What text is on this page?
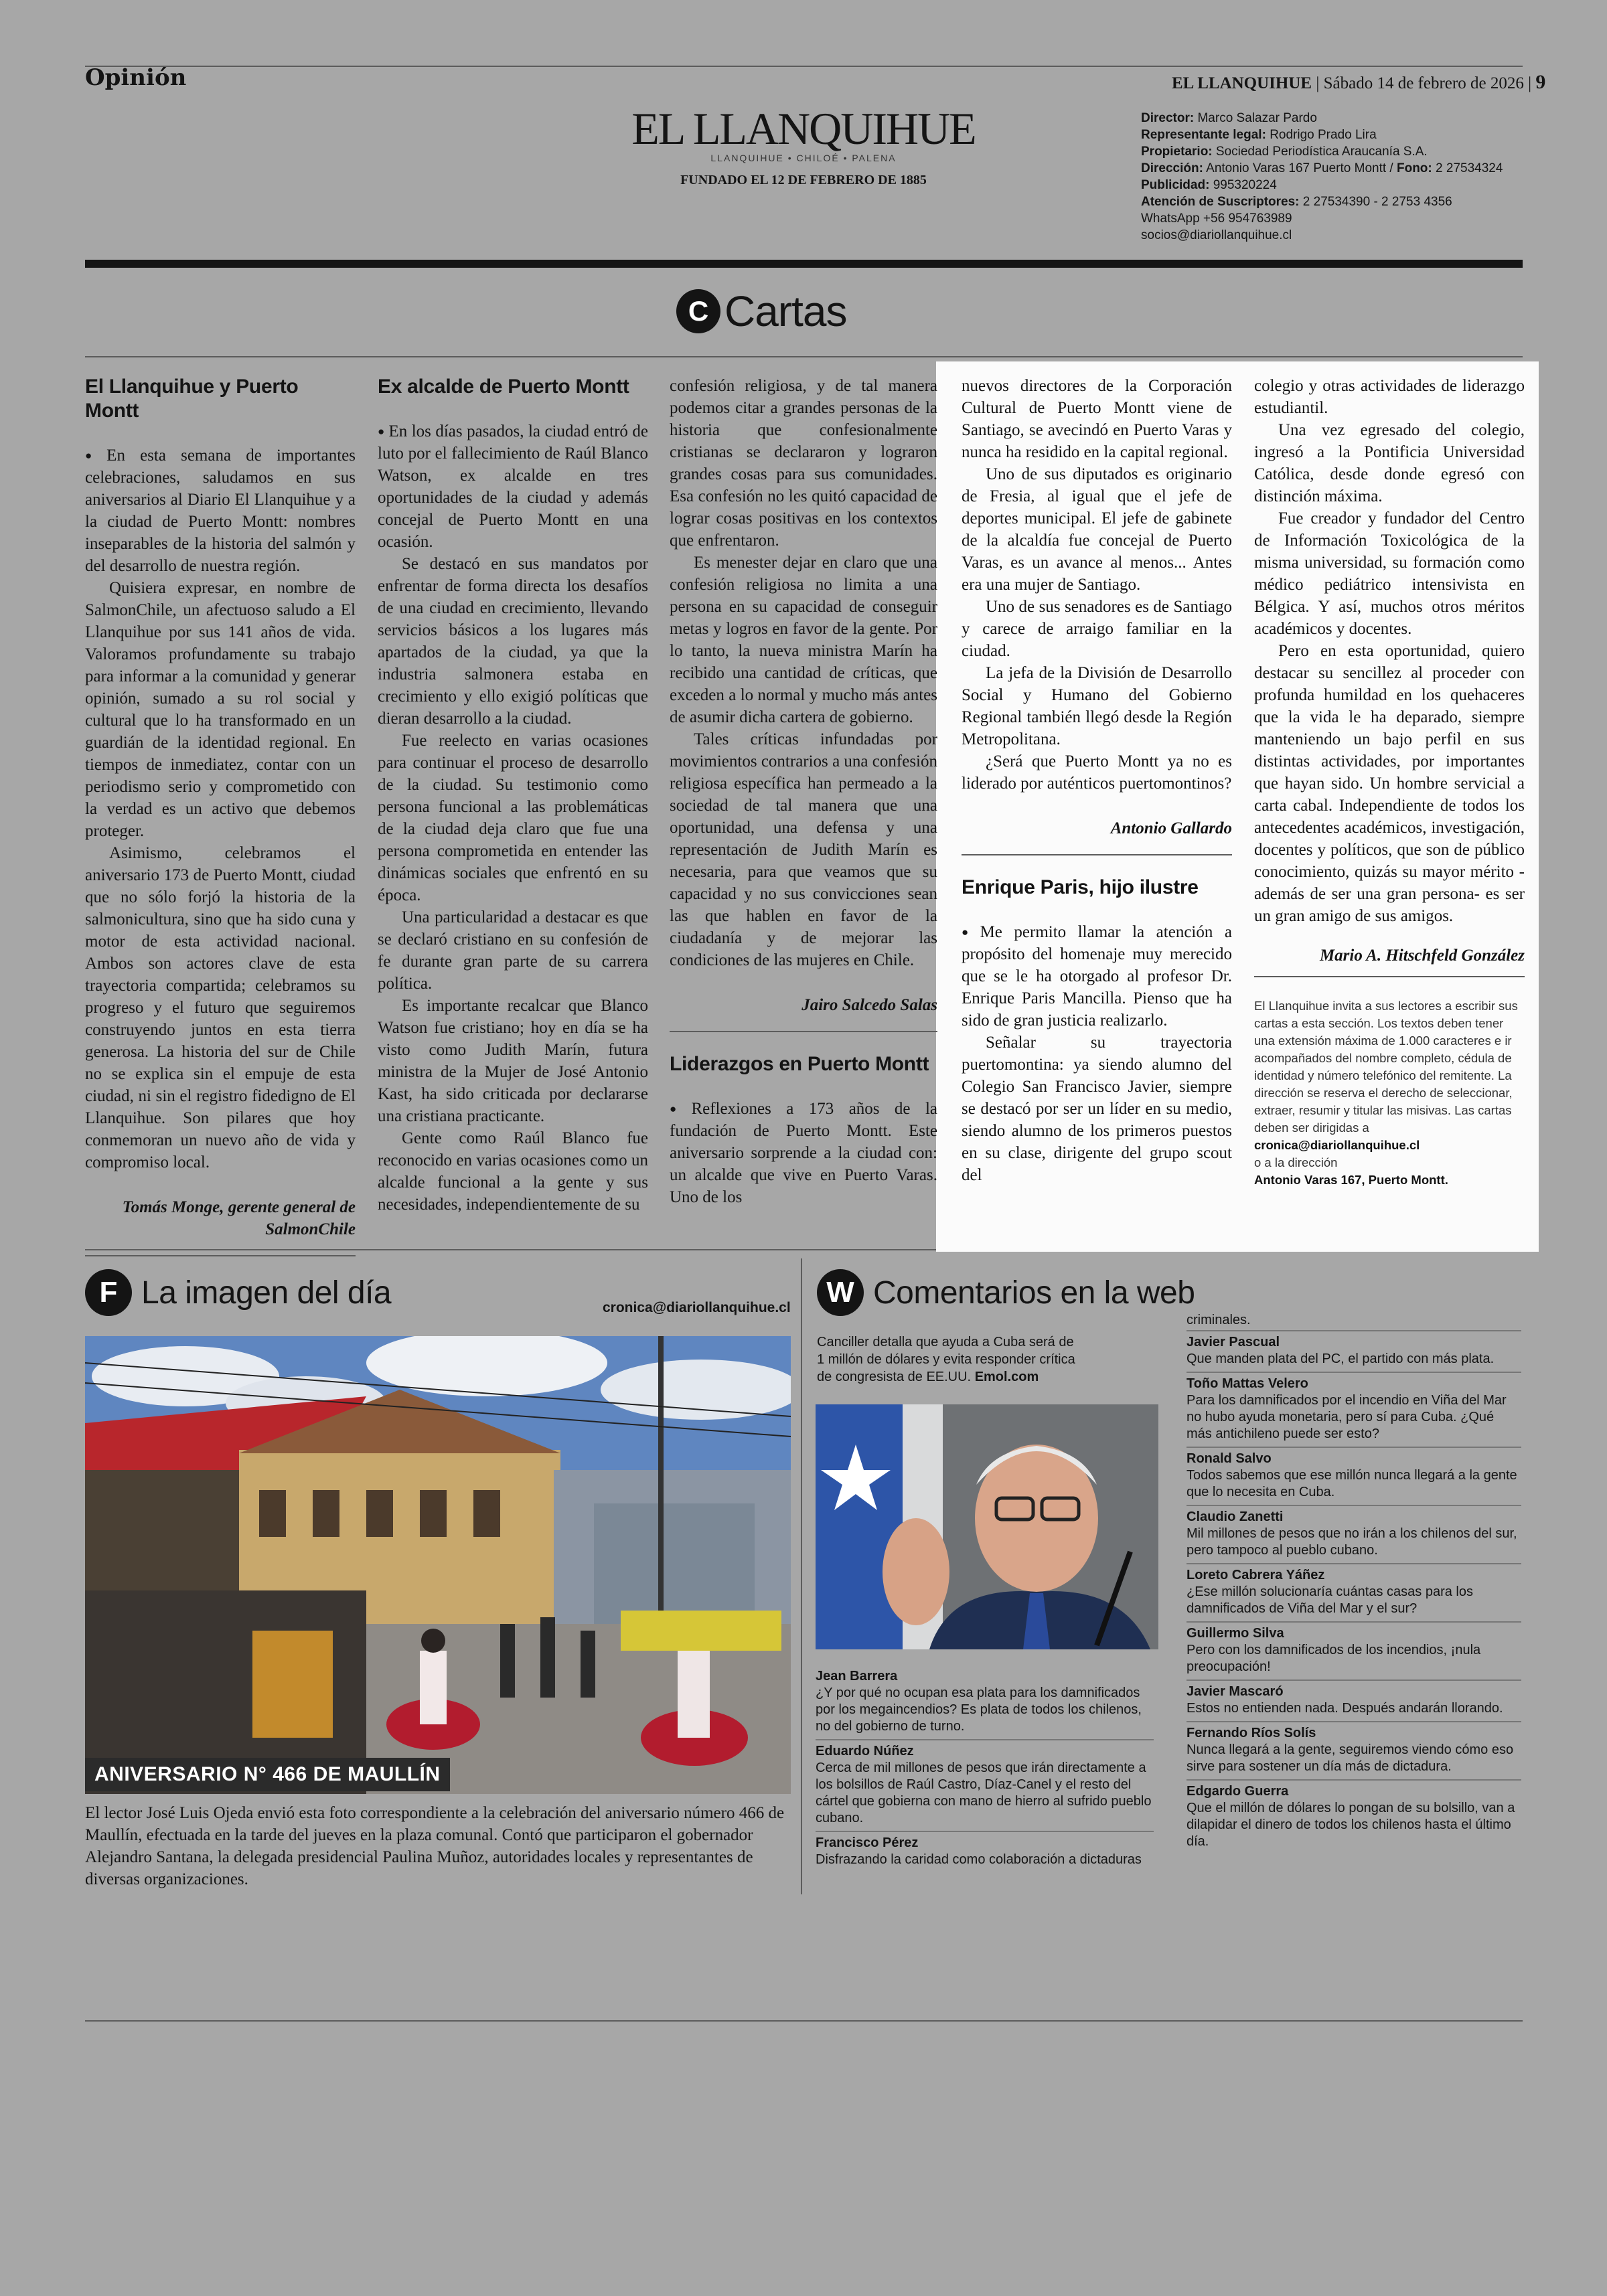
Opinión	EL LLANQUIHUE | Sábado 14 de febrero de 2026 | 9
EL LLANQUIHUE
LLANQUIHUE • CHILOÉ • PALENA
FUNDADO EL 12 DE FEBRERO DE 1885
Director: Marco Salazar Pardo
Representante legal: Rodrigo Prado Lira
Propietario: Sociedad Periodística Araucanía S.A.
Dirección: Antonio Varas 167 Puerto Montt / Fono: 2 27534324
Publicidad: 995320224
Atención de Suscriptores: 2 27534390 - 2 2753 4356
WhatsApp +56 954763989
socios@diariollanquihue.cl
C Cartas
El Llanquihue y Puerto Montt

● En esta semana de importantes celebraciones, saludamos en sus aniversarios al Diario El Llanquihue y a la ciudad de Puerto Montt: nombres inseparables de la historia del salmón y del desarrollo de nuestra región.

Quisiera expresar, en nombre de SalmonChile, un afectuoso saludo a El Llanquihue por sus 141 años de vida. Valoramos profundamente su trabajo para informar a la comunidad y generar opinión, sumado a su rol social y cultural que lo ha transformado en un guardián de la identidad regional. En tiempos de inmediatez, contar con un periodismo serio y comprometido con la verdad es un activo que debemos proteger.

Asimismo, celebramos el aniversario 173 de Puerto Montt, ciudad que no sólo forjó la historia de la salmonicultura, sino que ha sido cuna y motor de esta actividad nacional. Ambos son actores clave de esta trayectoria compartida; celebramos su progreso y el futuro que seguiremos construyendo juntos en esta tierra generosa. La historia del sur de Chile no se explica sin el empuje de esta ciudad, ni sin el registro fidedigno de El Llanquihue. Son pilares que hoy conmemoran un nuevo año de vida y compromiso local.

Tomás Monge, gerente general de SalmonChile

Ex alcalde de Puerto Montt

● En los días pasados, la ciudad entró de luto por el fallecimiento de Raúl Blanco Watson, ex alcalde en tres oportunidades de la ciudad y además concejal de Puerto Montt en una ocasión.

Se destacó en sus mandatos por enfrentar de forma directa los desafíos de una ciudad en crecimiento, llevando servicios básicos a los lugares más apartados de la ciudad, ya que la industria salmonera estaba en crecimiento y ello exigió políticas que dieran desarrollo a la ciudad.

Fue reelecto en varias ocasiones para continuar el proceso de desarrollo de la ciudad. Su testimonio como persona funcional a las problemáticas de la ciudad deja claro que fue una persona comprometida en entender las dinámicas sociales que enfrentó en su época.

Una particularidad a destacar es que se declaró cristiano en su confesión de fe durante gran parte de su carrera política.

Es importante recalcar que Blanco Watson fue cristiano; hoy en día se ha visto como Judith Marín, futura ministra de la Mujer de José Antonio Kast, ha sido criticada por declararse una cristiana practicante.

Gente como Raúl Blanco fue reconocido en varias ocasiones como un alcalde funcional a la gente y sus necesidades, independientemente de su

confesión religiosa, y de tal manera podemos citar a grandes personas de la historia que confesionalmente cristianas se declararon y lograron grandes cosas para sus comunidades. Esa confesión no les quitó capacidad de lograr cosas positivas en los contextos que enfrentaron.

Es menester dejar en claro que una confesión religiosa no limita a una persona en su capacidad de conseguir metas y logros en favor de la gente. Por lo tanto, la nueva ministra Marín ha recibido una cantidad de críticas, que exceden a lo normal y mucho más antes de asumir dicha cartera de gobierno.

Tales críticas infundadas por movimientos contrarios a una confesión religiosa específica han permeado a la sociedad de tal manera que una oportunidad, una defensa y una representación de Judith Marín es necesaria, para que veamos que su capacidad y no sus convicciones sean las que hablen en favor de la ciudadanía y de mejorar las condiciones de las mujeres en Chile.

Jairo Salcedo Salas

Liderazgos en Puerto Montt

● Reflexiones a 173 años de la fundación de Puerto Montt. Este aniversario sorprende a la ciudad con: un alcalde que vive en Puerto Varas. Uno de los

nuevos directores de la Corporación Cultural de Puerto Montt viene de Santiago, se avecindó en Puerto Varas y nunca ha residido en la capital regional.

Uno de sus diputados es originario de Fresia, al igual que el jefe de deportes municipal. El jefe de gabinete de la alcaldía fue concejal de Puerto Varas, es un avance al menos... Antes era una mujer de Santiago.

Uno de sus senadores es de Santiago y carece de arraigo familiar en la ciudad.

La jefa de la División de Desarrollo Social y Humano del Gobierno Regional también llegó desde la Región Metropolitana.

¿Será que Puerto Montt ya no es liderado por auténticos puertomontinos?

Antonio Gallardo

Enrique Paris, hijo ilustre

● Me permito llamar la atención a propósito del homenaje muy merecido que se le ha otorgado al profesor Dr. Enrique Paris Mancilla. Pienso que ha sido de gran justicia realizarlo.

Señalar su trayectoria puertomontina: ya siendo alumno del Colegio San Francisco Javier, siempre se destacó por ser un líder en su medio, siendo alumno de los primeros puestos en su clase, dirigente del grupo scout del

colegio y otras actividades de liderazgo estudiantil.

Una vez egresado del colegio, ingresó a la Pontificia Universidad Católica, desde donde egresó con distinción máxima.

Fue creador y fundador del Centro de Información Toxicológica de la misma universidad, su formación como médico pediátrico intensivista en Bélgica. Y así, muchos otros méritos académicos y docentes.

Pero en esta oportunidad, quiero destacar su sencillez al proceder con profunda humildad en los quehaceres que la vida le ha deparado, siempre manteniendo un bajo perfil en sus distintas actividades, por importantes que hayan sido. Un hombre servicial a carta cabal. Independiente de todos los antecedentes académicos, investigación, docentes y políticos, que son de público conocimiento, quizás su mayor mérito -además de ser una gran persona- es ser un gran amigo de sus amigos.

Mario A. Hitschfeld González

El Llanquihue invita a sus lectores a escribir sus cartas a esta sección. Los textos deben tener una extensión máxima de 1.000 caracteres e ir acompañados del nombre completo, cédula de identidad y número telefónico del remitente. La dirección se reserva el derecho de seleccionar, extraer, resumir y titular las misivas. Las cartas deben ser dirigidas a
cronica@diariollanquihue.cl
o a la dirección
Antonio Varas 167, Puerto Montt.
F La imagen del día	cronica@diariollanquihue.cl
ANIVERSARIO N° 466 DE MAULLÍN
El lector José Luis Ojeda envió esta foto correspondiente a la celebración del aniversario número 466 de Maullín, efectuada en la tarde del jueves en la plaza comunal. Contó que participaron el gobernador Alejandro Santana, la delegada presidencial Paulina Muñoz, autoridades locales y representantes de diversas organizaciones.
W Comentarios en la web
Canciller detalla que ayuda a Cuba será de 1 millón de dólares y evita responder crítica de congresista de EE.UU. Emol.com
Jean Barrera
¿Y por qué no ocupan esa plata para los damnificados por los megaincendios? Es plata de todos los chilenos, no del gobierno de turno.
Eduardo Núñez
Cerca de mil millones de pesos que irán directamente a los bolsillos de Raúl Castro, Díaz-Canel y el resto del cártel que gobierna con mano de hierro al sufrido pueblo cubano.
Francisco Pérez
Disfrazando la caridad como colaboración a dictaduras
criminales.
Javier Pascual
Que manden plata del PC, el partido con más plata.
Toño Mattas Velero
Para los damnificados por el incendio en Viña del Mar no hubo ayuda monetaria, pero sí para Cuba. ¿Qué más antichileno puede ser esto?
Ronald Salvo
Todos sabemos que ese millón nunca llegará a la gente que lo necesita en Cuba.
Claudio Zanetti
Mil millones de pesos que no irán a los chilenos del sur, pero tampoco al pueblo cubano.
Loreto Cabrera Yáñez
¿Ese millón solucionaría cuántas casas para los damnificados de Viña del Mar y el sur?
Guillermo Silva
Pero con los damnificados de los incendios, ¡nula preocupación!
Javier Mascaró
Estos no entienden nada. Después andarán llorando.
Fernando Ríos Solís
Nunca llegará a la gente, seguiremos viendo cómo eso sirve para sostener un día más de dictadura.
Edgardo Guerra
Que el millón de dólares lo pongan de su bolsillo, van a dilapidar el dinero de todos los chilenos hasta el último día.
